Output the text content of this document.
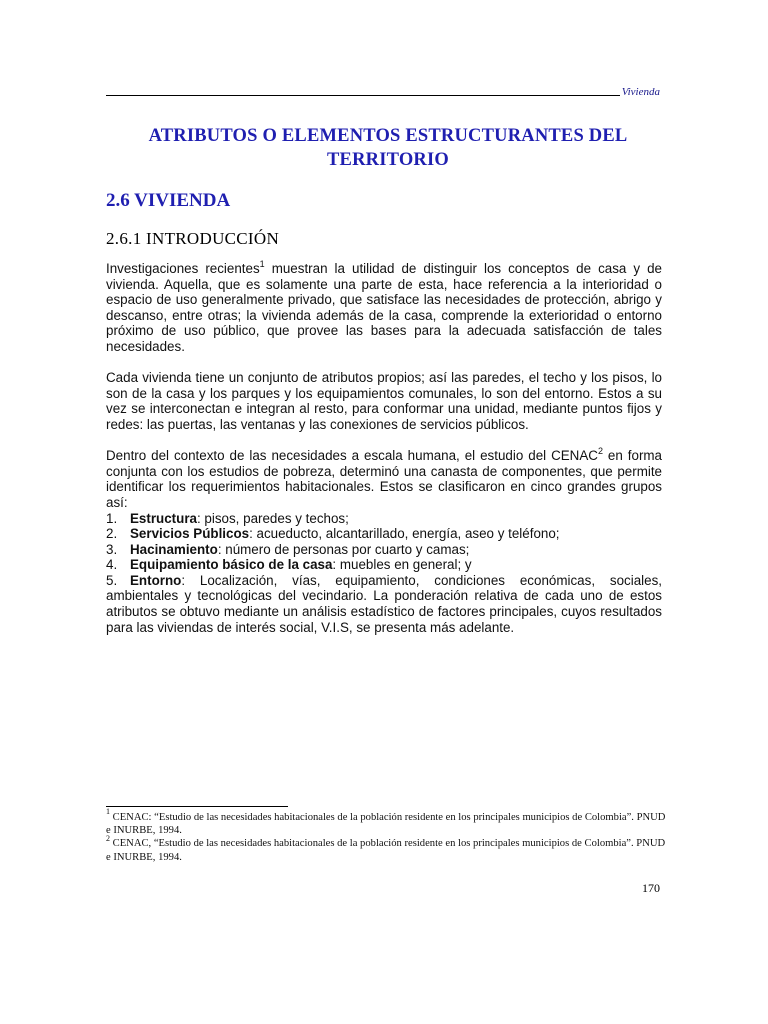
Vivienda
ATRIBUTOS O ELEMENTOS ESTRUCTURANTES DEL TERRITORIO
2.6 VIVIENDA
2.6.1 INTRODUCCIÓN

Investigaciones recientes$^1$ muestran la utilidad de distinguir los conceptos de casa y de vivienda. Aquella, que es solamente una parte de esta, hace referencia a la interioridad o espacio de uso generalmente privado, que satisface las necesidades de protección, abrigo y descanso, entre otras; la vivienda además de la casa, comprende la exterioridad o entorno próximo de uso público, que provee las bases para la adecuada satisfacción de tales necesidades.

Cada vivienda tiene un conjunto de atributos propios; así las paredes, el techo y los pisos, lo son de la casa y los parques y los equipamientos comunales, lo son del entorno. Estos a su vez se interconectan e integran al resto, para conformar una unidad, mediante puntos fijos y redes: las puertas, las ventanas y las conexiones de servicios públicos.

Dentro del contexto de las necesidades a escala humana, el estudio del CENAC$^2$ en forma conjunta con los estudios de pobreza, determinó una canasta de componentes, que permite identificar los requerimientos habitacionales. Estos se clasificaron en cinco grandes grupos así:
1. Estructura: pisos, paredes y techos;
2. Servicios Públicos: acueducto, alcantarillado, energía, aseo y teléfono;
3. Hacinamiento: número de personas por cuarto y camas;
4. Equipamiento básico de la casa: muebles en general; y
5. Entorno: Localización, vías, equipamiento, condiciones económicas, sociales, ambientales y tecnológicas del vecindario. La ponderación relativa de cada uno de estos atributos se obtuvo mediante un análisis estadístico de factores principales, cuyos resultados para las viviendas de interés social, V.I.S, se presenta más adelante.

$^1$ CENAC: “Estudio de las necesidades habitacionales de la población residente en los principales municipios de Colombia”. PNUD e INURBE, 1994.

$^2$ CENAC, “Estudio de las necesidades habitacionales de la población residente en los principales municipios de Colombia”. PNUD e INURBE, 1994.

170
